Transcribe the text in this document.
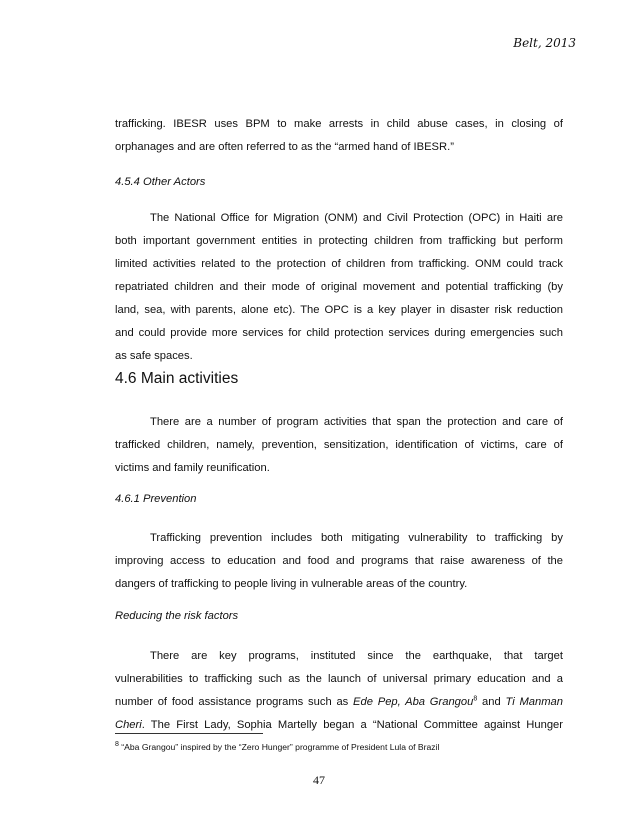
Belt, 2013
trafficking. IBESR uses BPM to make arrests in child abuse cases, in closing of
orphanages and are often referred to as the “armed hand of IBESR.”
4.5.4 Other Actors
The National Office for Migration (ONM) and Civil Protection (OPC) in Haiti are
both important government entities in protecting children from trafficking but perform
limited activities related to the protection of children from trafficking. ONM could track
repatriated children and their mode of original movement and potential trafficking (by
land, sea, with parents, alone etc). The OPC is a key player in disaster risk reduction
and could provide more services for child protection services during emergencies such
as safe spaces.
4.6 Main activities
There are a number of program activities that span the protection and care of
trafficked children, namely, prevention, sensitization, identification of victims, care of
victims and family reunification.
4.6.1 Prevention
Trafficking prevention includes both mitigating vulnerability to trafficking by
improving access to education and food and programs that raise awareness of the
dangers of trafficking to people living in vulnerable areas of the country.
Reducing the risk factors
There are key programs, instituted since the earthquake, that target
vulnerabilities to trafficking such as the launch of universal primary education and a
number of food assistance programs such as Ede Pep, Aba Grangou$^8$ and Ti Manman
Cheri. The First Lady, Sophia Martelly began a “National Committee against Hunger
$^8$ “Aba Grangou” inspired by the “Zero Hunger” programme of President Lula of Brazil
47
